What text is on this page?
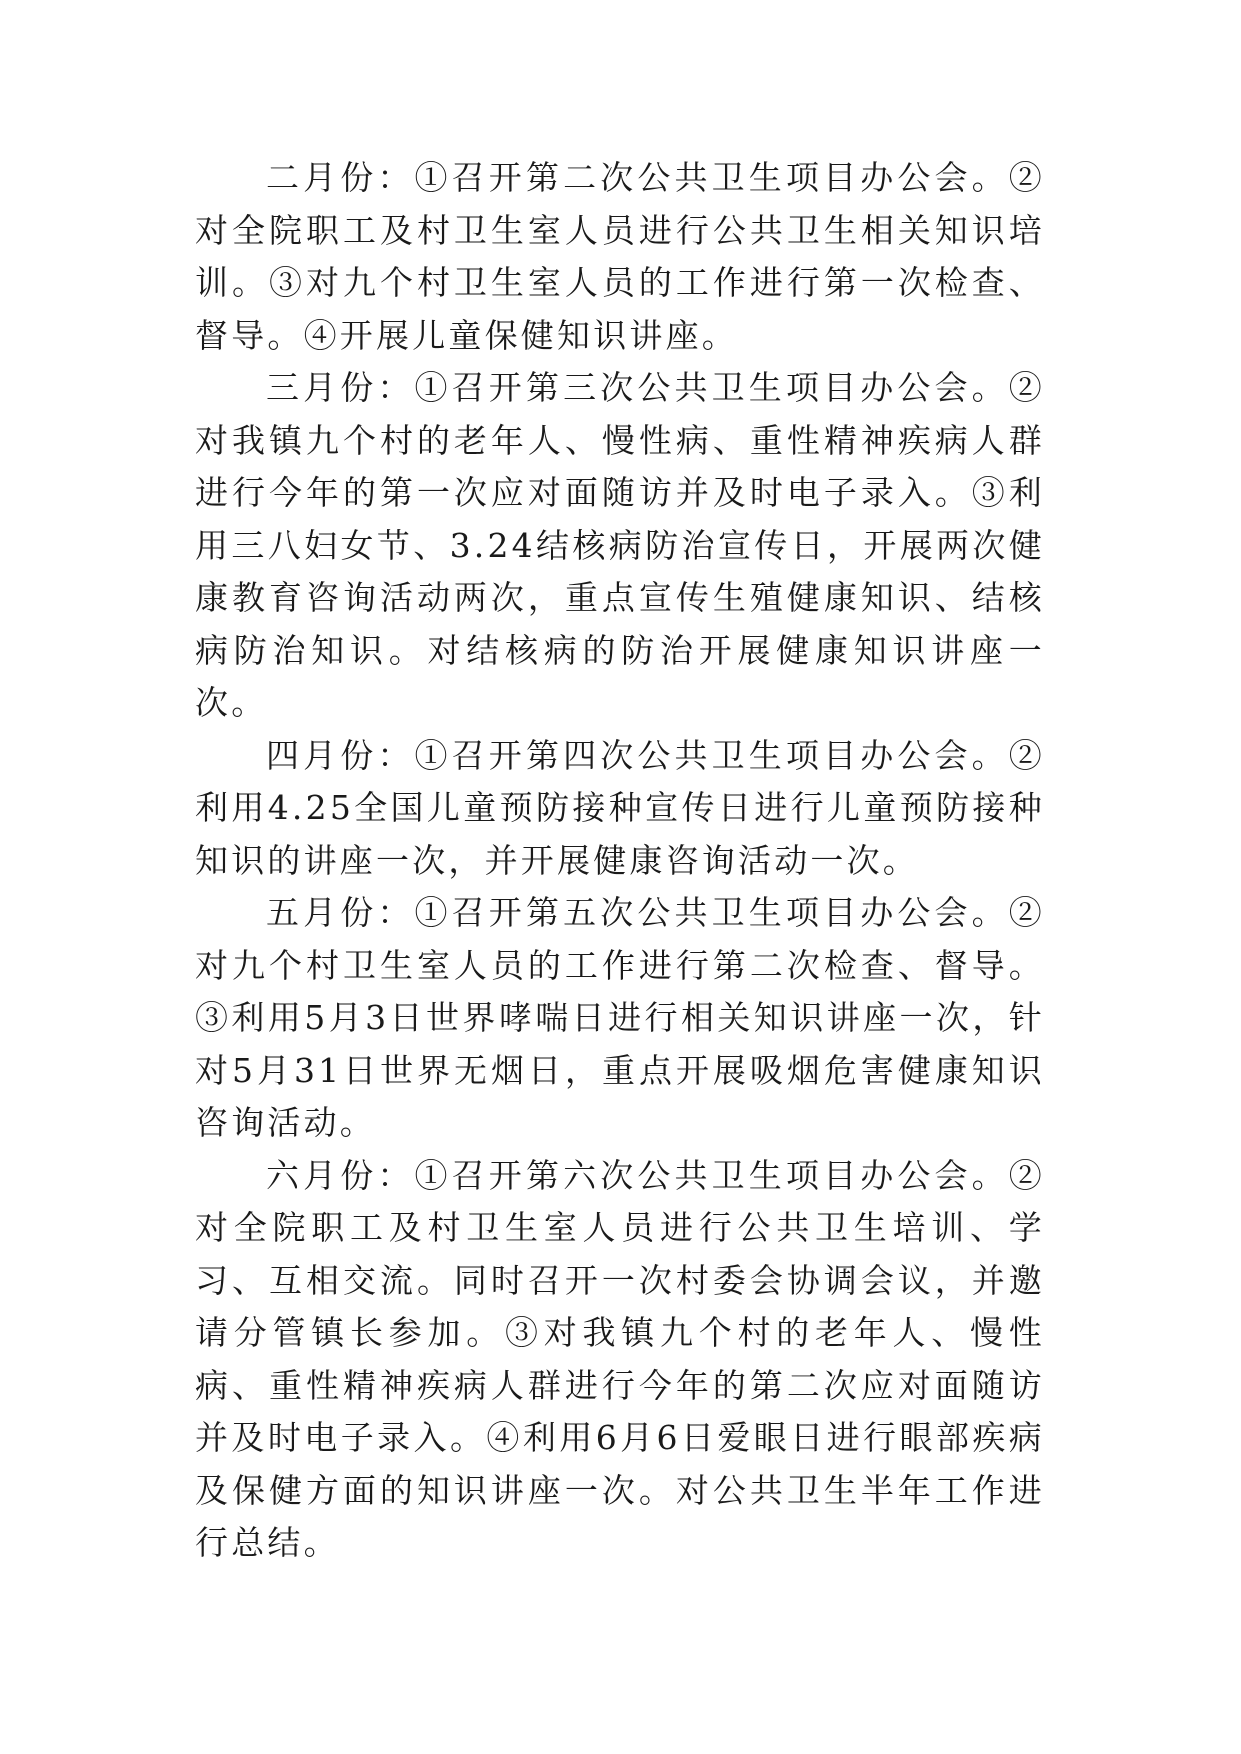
二月份：①召开第二次公共卫生项目办公会。②对全院职工及村卫生室人员进行公共卫生相关知识培训。③对九个村卫生室人员的工作进行第一次检查、督导。④开展儿童保健知识讲座。

三月份：①召开第三次公共卫生项目办公会。②对我镇九个村的老年人、慢性病、重性精神疾病人群进行今年的第一次应对面随访并及时电子录入。③利用三八妇女节、3.24结核病防治宣传日，开展两次健康教育咨询活动两次，重点宣传生殖健康知识、结核病防治知识。对结核病的防治开展健康知识讲座一次。

四月份：①召开第四次公共卫生项目办公会。②利用4.25全国儿童预防接种宣传日进行儿童预防接种知识的讲座一次，并开展健康咨询活动一次。

五月份：①召开第五次公共卫生项目办公会。②对九个村卫生室人员的工作进行第二次检查、督导。③利用5月3日世界哮喘日进行相关知识讲座一次，针对5月31日世界无烟日，重点开展吸烟危害健康知识咨询活动。

六月份：①召开第六次公共卫生项目办公会。②对全院职工及村卫生室人员进行公共卫生培训、学习、互相交流。同时召开一次村委会协调会议，并邀请分管镇长参加。③对我镇九个村的老年人、慢性病、重性精神疾病人群进行今年的第二次应对面随访并及时电子录入。④利用6月6日爱眼日进行眼部疾病及保健方面的知识讲座一次。对公共卫生半年工作进行总结。
